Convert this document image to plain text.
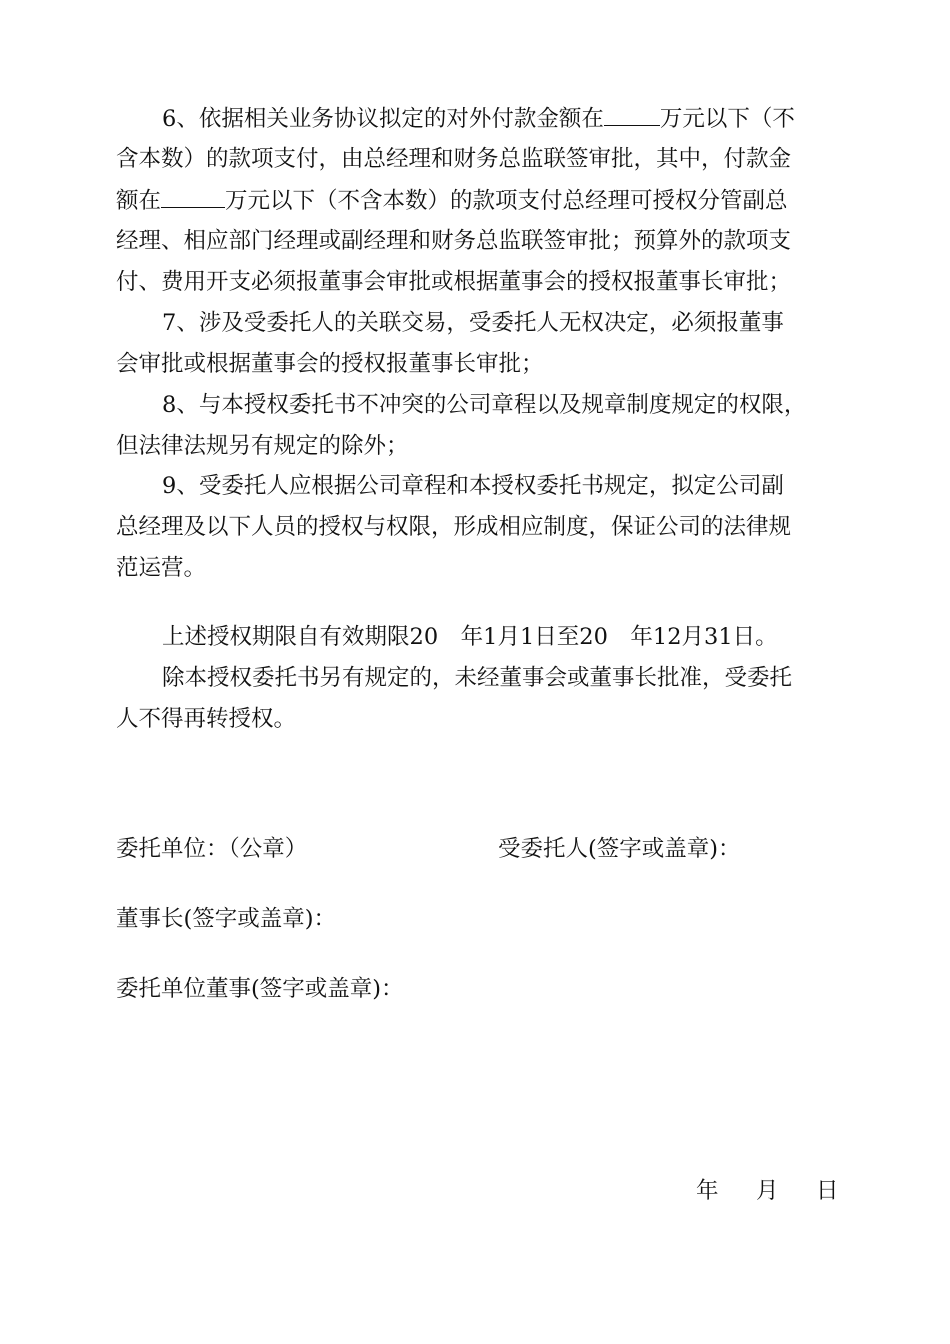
6、依据相关业务协议拟定的对外付款金额在 万元以下（不
含本数）的款项支付，由总经理和财务总监联签审批，其中，付款金
额在	万元以下（不含本数）的款项支付总经理可授权分管副总
经理、相应部门经理或副经理和财务总监联签审批；预算外的款项支
付、费用开支必须报董事会审批或根据董事会的授权报董事长审批；
7、涉及受委托人的关联交易，受委托人无权决定，必须报董事
会审批或根据董事会的授权报董事长审批；
8、与本授权委托书不冲突的公司章程以及规章制度规定的权限，
但法律法规另有规定的除外；
9、受委托人应根据公司章程和本授权委托书规定，拟定公司副
总经理及以下人员的授权与权限，形成相应制度，保证公司的法律规
范运营。
上述授权期限自有效期限20　年1月1日至20　年12月31日。
除本授权委托书另有规定的，未经董事会或董事长批准，受委托
人不得再转授权。
委托单位：（公章）	受委托人(签字或盖章)：
董事长(签字或盖章)：
委托单位董事(签字或盖章)：
年 月 日
